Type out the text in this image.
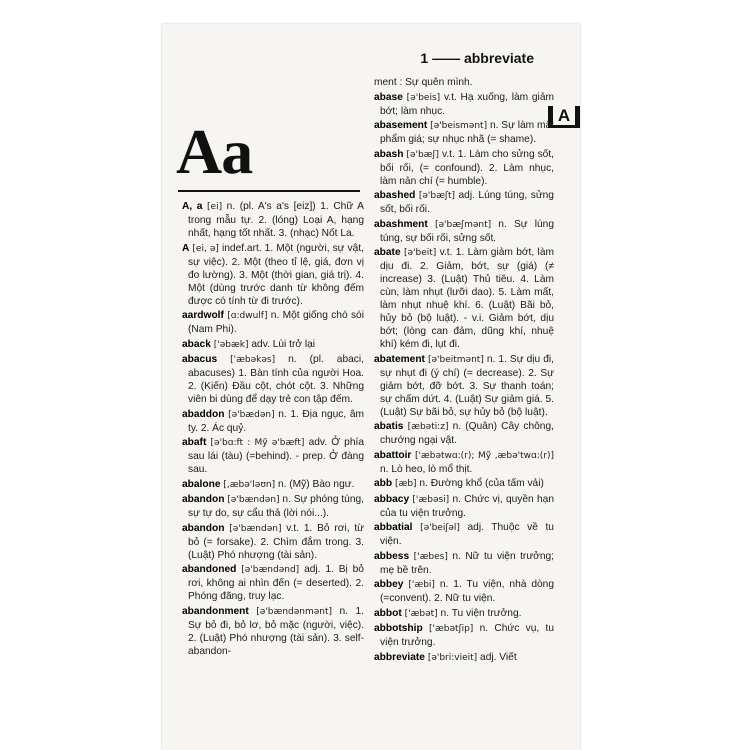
1 —— abbreviate
A
Aa
A, a [ei] n. (pl. A's a's [eiz]) 1. Chữ A trong mẫu tự. 2. (lóng) Loại A, hạng nhất, hạng tốt nhất. 3. (nhạc) Nốt La.
A [ei, ə] indef.art. 1. Một (người, sự vật, sự việc). 2. Một (theo tỉ lệ, giá, đơn vị đo lường). 3. Một (thời gian, giá trị). 4. Một (dùng trước danh từ không đếm được có tính từ đi trước).
aardwolf [ɑ:dwulf] n. Một giống chó sói (Nam Phi).
aback ['əbæk] adv. Lùi trở lại
abacus ['æbəkəs] n. (pl. abaci, abacuses) 1. Bàn tính của người Hoa. 2. (Kiến) Đầu cột, chót cột. 3. Những viên bi dùng để dạy trẻ con tập đếm.
abaddon [ə'bædən] n. 1. Địa ngục, âm ty. 2. Ác quỷ.
abaft [ə'bɑ:ft : Mỹ ə'bæft] adv. Ở phía sau lái (tàu) (=behind). - prep. Ở đàng sau.
abalone [,æbə'ləʊn] n. (Mỹ) Bào ngư.
abandon [ə'bændən] n. Sự phóng túng, sự tự do, sự cẩu thả (lời nói...).
abandon [ə'bændən] v.t. 1. Bỏ rơi, từ bỏ (= forsake). 2. Chìm đắm trong. 3. (Luật) Phó nhượng (tài sản).
abandoned [ə'bændənd] adj. 1. Bị bỏ rơi, không ai nhìn đến (= deserted). 2. Phóng đãng, truy lạc.
abandonment [ə'bændənmənt] n. 1. Sự bỏ đi, bỏ lơ, bỏ mặc (người, việc). 2. (Luật) Phó nhượng (tài sản). 3. self-abandon-
ment : Sự quên mình.
abase [ə'beis] v.t. Hạ xuống, làm giảm bớt; làm nhục.
abasement [ə'beismənt] n. Sự làm mất phẩm giá; sự nhục nhã (= shame).
abash [ə'bæʃ] v.t. 1. Làm cho sửng sốt, bối rối, (= confound). 2. Làm nhục, làm nản chí (= humble).
abashed [ə'bæʃt] adj. Lúng túng, sửng sốt, bối rối.
abashment [ə'bæʃmənt] n. Sự lúng túng, sự bối rối, sửng sốt.
abate [ə'beit] v.t. 1. Làm giảm bớt, làm dịu đi. 2. Giảm, bớt, sự (giá) (≠ increase) 3. (Luật) Thủ tiêu. 4. Làm cùn, làm nhụt (lưỡi dao). 5. Làm mất, làm nhụt nhuệ khí. 6. (Luật) Bãi bỏ, hủy bỏ (bộ luật). - v.i. Giảm bớt, dịu bớt; (lòng can đảm, dũng khí, nhuệ khí) kém đi, lụt đi.
abatement [ə'beitmənt] n. 1. Sự dịu đi, sự nhụt đi (ý chí) (= decrease). 2. Sự giảm bớt, đỡ bớt. 3. Sự thanh toán; sự chấm dứt. 4. (Luật) Sự giảm giá. 5. (Luật) Sự bãi bỏ, sự hủy bỏ (bộ luật).
abatis [æbətiːz] n. (Quân) Cây chông, chướng ngại vật.
abattoir ['æbətwɑ:(r); Mỹ ,æbə'twɑ:(r)] n. Lò heo, lò mổ thịt.
abb [æb] n. Đường khổ (của tấm vải)
abbacy ['æbəsi] n. Chức vị, quyền hạn của tu viện trưởng.
abbatial [ə'beiʃəl] adj. Thuộc về tu viện.
abbess ['æbes] n. Nữ tu viện trưởng; mẹ bề trên.
abbey ['æbi] n. 1. Tu viện, nhà dòng (=convent). 2. Nữ tu viện.
abbot ['æbət] n. Tu viện trưởng.
abbotship ['æbətʃip] n. Chức vụ, tu viện trưởng.
abbreviate [ə'bri:vieit] adj. Viết
